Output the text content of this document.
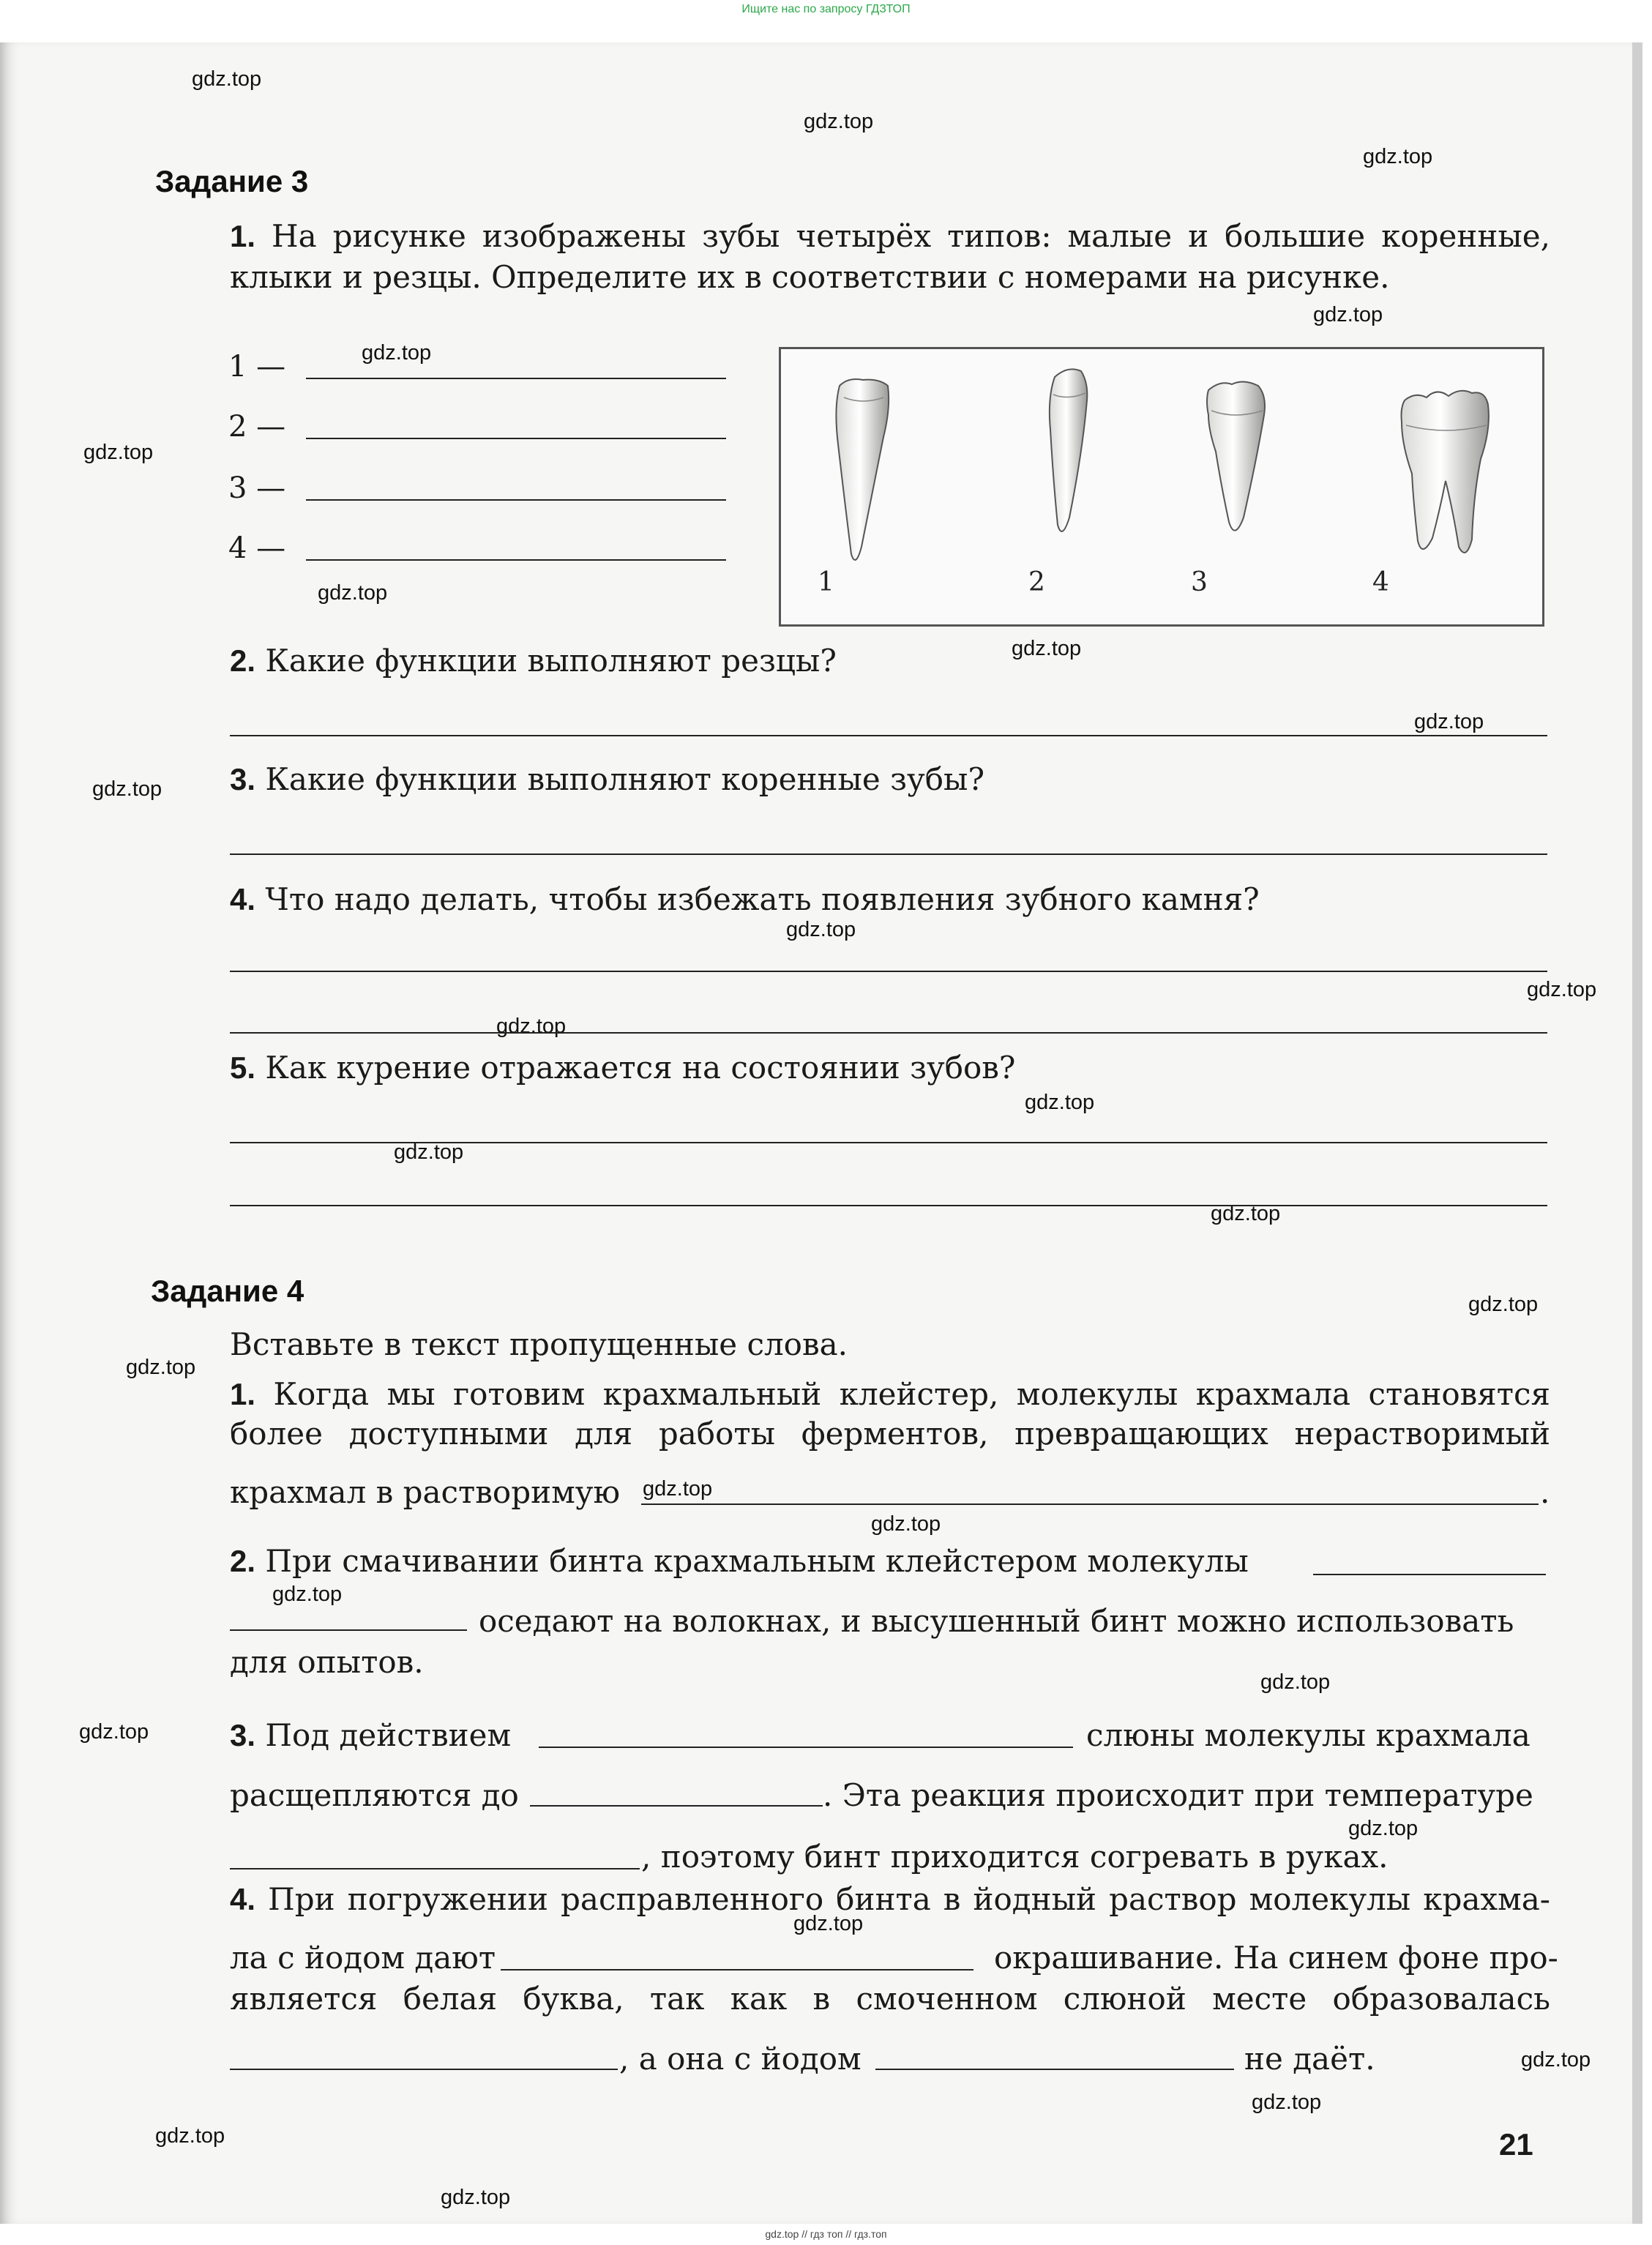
Ищите нас по запросу ГДЗТОП
gdz.top
gdz.top
gdz.top
gdz.top
gdz.top
gdz.top
gdz.top
gdz.top
gdz.top
gdz.top
gdz.top
gdz.top
gdz.top
gdz.top
gdz.top
gdz.top
gdz.top
gdz.top
gdz.top
gdz.top
gdz.top
gdz.top
gdz.top
gdz.top
gdz.top
gdz.top
gdz.top
gdz.top
gdz.top
Задание 3
1. На рисунке изображены зубы четырёх типов: малые и большие коренные,
клыки и резцы. Определите их в соответствии с номерами на рисунке.
1 —
2 —
3 —
4 —
1	2	3	4
2. Какие функции выполняют резцы?
3. Какие функции выполняют коренные зубы?
4. Что надо делать, чтобы избежать появления зубного камня?
5. Как курение отражается на состоянии зубов?
Задание 4
Вставьте в текст пропущенные слова.
1. Когда мы готовим крахмальный клейстер, молекулы крахмала становятся
более доступными для работы ферментов, превращающих нерастворимый
крахмал в растворимую	.
2. При смачивании бинта крахмальным клейстером молекулы
оседают на волокнах, и высушенный бинт можно использовать
для опытов.
3. Под действием	слюны молекулы крахмала
расщепляются до	. Эта реакция происходит при температуре
, поэтому бинт приходится согревать в руках.
4. При погружении расправленного бинта в йодный раствор молекулы крахма-
ла с йодом дают	окрашивание. На синем фоне про-
является белая буква, так как в смоченном слюной месте образовалась
, а она с йодом	не даёт.
21
gdz.top // гдз топ // гдз.топ
